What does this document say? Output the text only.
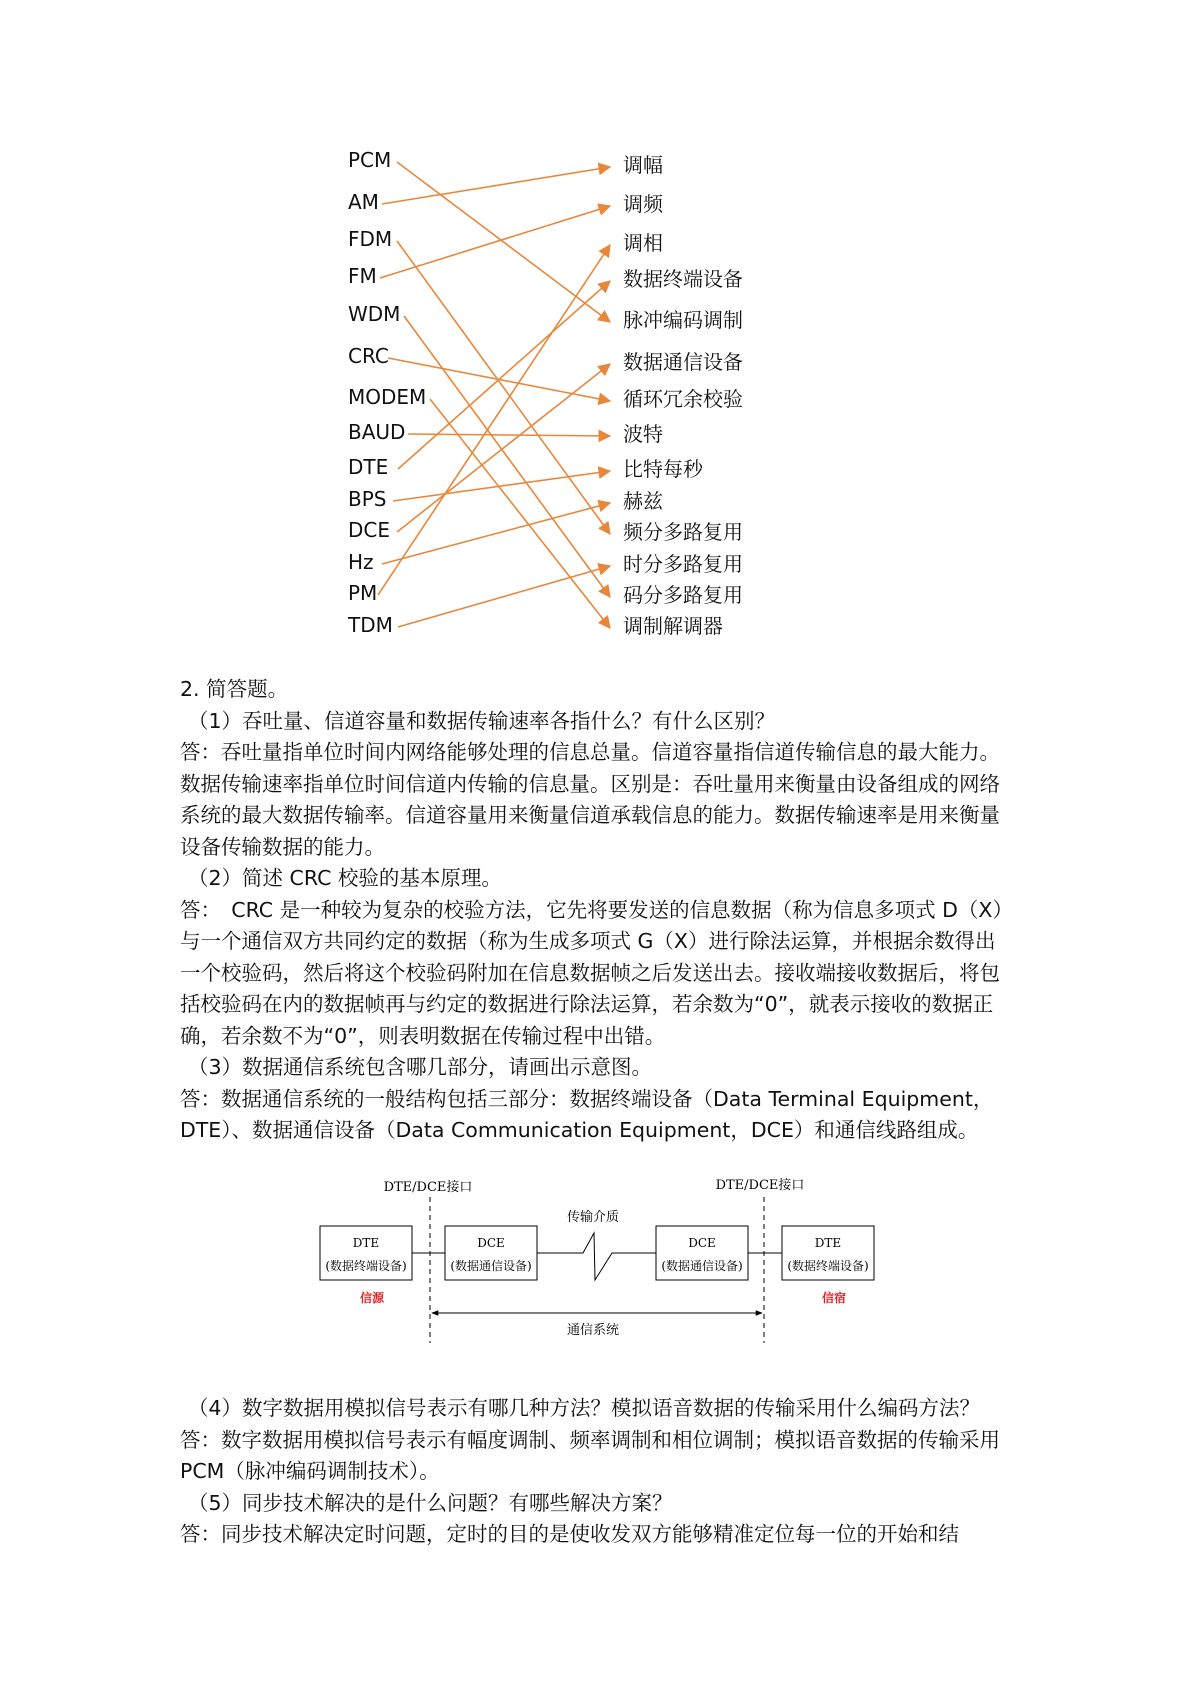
PCM
AM
FDM
FM
WDM
CRC
MODEM
BAUD
DTE
BPS
DCE
Hz
PM
TDM
调幅
调频
调相
数据终端设备
脉冲编码调制
数据通信设备
循环冗余校验
波特
比特每秒
赫兹
频分多路复用
时分多路复用
码分多路复用
调制解调器

2. 简答题。

（1）吞吐量、信道容量和数据传输速率各指什么？有什么区别？

答：吞吐量指单位时间内网络能够处理的信息总量。信道容量指信道传输信息的最大能力。数据传输速率指单位时间信道内传输的信息量。区别是：吞吐量用来衡量由设备组成的网络系统的最大数据传输率。信道容量用来衡量信道承载信息的能力。数据传输速率是用来衡量设备传输数据的能力。

（2）简述 CRC 校验的基本原理。

答：　CRC 是一种较为复杂的校验方法，它先将要发送的信息数据（称为信息多项式 D（X）与一个通信双方共同约定的数据（称为生成多项式 G（X）进行除法运算，并根据余数得出一个校验码，然后将这个校验码附加在信息数据帧之后发送出去。接收端接收数据后，将包括校验码在内的数据帧再与约定的数据进行除法运算，若余数为“0”，就表示接收的数据正确，若余数不为“0”，则表明数据在传输过程中出错。

（3）数据通信系统包含哪几部分，请画出示意图。

答：数据通信系统的一般结构包括三部分：数据终端设备（Data Terminal Equipment，DTE）、数据通信设备（Data Communication Equipment，DCE）和通信线路组成。

DTE/DCE接口	DTE/DCE接口
传输介质
DTE
(数据终端设备)
DCE
(数据通信设备)
DCE
(数据通信设备)
DTE
(数据终端设备)
信源	信宿
通信系统

（4）数字数据用模拟信号表示有哪几种方法？模拟语音数据的传输采用什么编码方法？

答：数字数据用模拟信号表示有幅度调制、频率调制和相位调制；模拟语音数据的传输采用 PCM（脉冲编码调制技术）。

（5）同步技术解决的是什么问题？有哪些解决方案？

答：同步技术解决定时问题，定时的目的是使收发双方能够精准定位每一位的开始和结
